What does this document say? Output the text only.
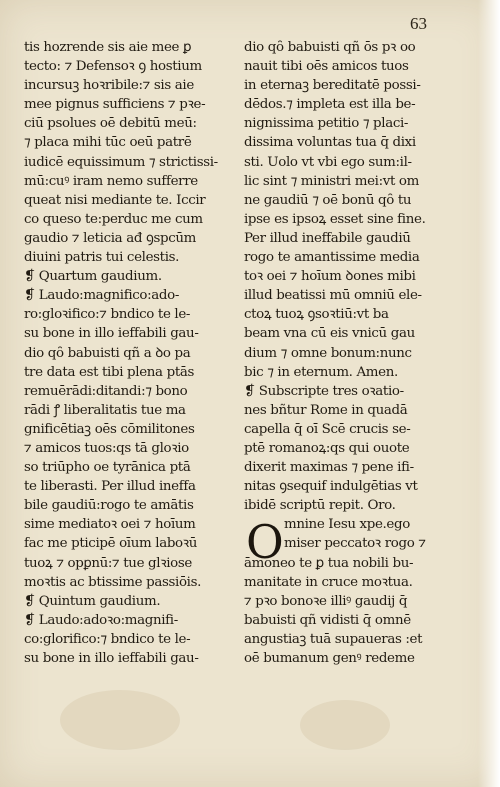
63
tis hozrende sis aie mee ꝑ
tecto: ⁊ Defensoꝛ ꝯ hostium
incursuꝫ hoꝛribile:⁊ sis aie
mee pignus sufficiens ⁊ pꝛe-
ciū psolues oē debitū meū:
⁊ placa mihi tūc oeū patrē
iudicē equissimum ⁊ strictissi-
mū:cuꝰ iram nemo sufferre
queat nisi mediante te. Iccir
co queso te:perduc me cum
gaudio ⁊ leticia ađ ꝯspcūm
diuini patris tui celestis.
❡ Quartum gaudium.
❡ Laudo:magnifico:ado-
ro:gloꝛifico:⁊ bndico te le-
su bone in illo ieffabili gau-
dio qȏ babuisti qñ a ꝺo pa
tre data est tibi plena ptās
remuērādi:ditandi:⁊ bono
rādi ꝭ liberalitatis tue ma
gnificētiaꝫ oēs cōmilitones
⁊ amicos tuos:qs tā gloꝛio
so triūpho oe tyrānica ptā
te liberasti. Per illud ineffa
bile gaudiū:rogo te amātis
sime mediatoꝛ oei ⁊ hoīum
fac me pticipē oīum laboꝛū
tuoꝝ ⁊ opꝑnū:⁊ tue glꝛiose
moꝛtis ac btissime passiōis.
❡ Quintum gaudium.
❡ Laudo:adoꝛo:magnifi-
co:glorifico:⁊ bndico te le-
su bone in illo ieffabili gau-
dio qȏ babuisti qñ ōs pꝛ oo
nauit tibi oēs amicos tuos
in eternaꝫ bereditatē possi-
dēdos.⁊ impleta est illa be-
nignissima petitio ⁊ placi-
dissima voluntas tua q̄ dixi
sti. Uolo vt vbi ego sum:il-
lic sint ⁊ ministri mei:vt om
ne gaudiū ⁊ oē bonū qȏ tu
ipse es ipsoꝝ esset sine fine.
Per illud ineffabile gaudiū
rogo te amantissime media
toꝛ oei ⁊ hoīum ꝺones mibi
illud beatissi mū omniū ele-
ctoꝝ tuoꝝ ꝯsoꝛtiū:vt ba
beam vna cū eis vnicū gau
dium ⁊ omne bonum:nunc
bic ⁊ in eternum. Amen.
❡ Subscripte tres oꝛatio-
nes bñtur Rome in quadā
capella q̄ oī Scē crucis se-
ptē romanoꝝ:qs qui ouote
dixerit maximas ⁊ pene ifi-
nitas ꝯsequif indulgētias vt
ibidē scriptū repit. Oro.
mnine Iesu xpe.ego
miser peccatoꝛ rogo ⁊
āmoneo te ꝑ tua nobili bu-
manitate in cruce moꝛtua.
⁊ pꝛo bonoꝛe illiꝰ gaudij q̄
babuisti qñ vidisti q̄ omnē
angustiaꝫ tuā supaueras :et
oē bumanum genꝰ redeme
O
